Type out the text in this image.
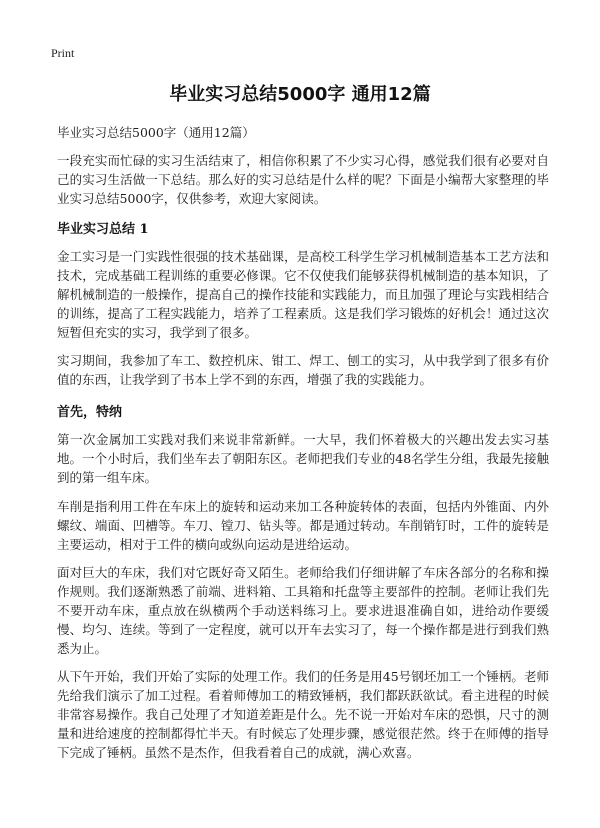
Print
毕业实习总结5000字 通用12篇
毕业实习总结5000字（通用12篇）
一段充实而忙碌的实习生活结束了，相信你积累了不少实习心得，感觉我们很有必要对自己的实习生活做一下总结。那么好的实习总结是什么样的呢？下面是小编帮大家整理的毕业实习总结5000字，仅供参考，欢迎大家阅读。
毕业实习总结 1
金工实习是一门实践性很强的技术基础课，是高校工科学生学习机械制造基本工艺方法和技术，完成基础工程训练的重要必修课。它不仅使我们能够获得机械制造的基本知识，了解机械制造的一般操作，提高自己的操作技能和实践能力，而且加强了理论与实践相结合的训练，提高了工程实践能力，培养了工程素质。这是我们学习锻炼的好机会！通过这次短暂但充实的实习，我学到了很多。
实习期间，我参加了车工、数控机床、钳工、焊工、刨工的实习，从中我学到了很多有价值的东西，让我学到了书本上学不到的东西，增强了我的实践能力。
首先，特纳
第一次金属加工实践对我们来说非常新鲜。一大早，我们怀着极大的兴趣出发去实习基地。一个小时后，我们坐车去了朝阳东区。老师把我们专业的48名学生分组，我最先接触到的第一组车床。
车削是指利用工件在车床上的旋转和运动来加工各种旋转体的表面，包括内外锥面、内外螺纹、端面、凹槽等。车刀、镗刀、钻头等。都是通过转动。车削销钉时，工件的旋转是主要运动，相对于工件的横向或纵向运动是进给运动。
面对巨大的车床，我们对它既好奇又陌生。老师给我们仔细讲解了车床各部分的名称和操作规则。我们逐渐熟悉了前端、进料箱、工具箱和托盘等主要部件的控制。老师让我们先不要开动车床，重点放在纵横两个手动送料练习上。要求进退准确自如，进给动作要缓慢、均匀、连续。等到了一定程度，就可以开车去实习了，每一个操作都是进行到我们熟悉为止。
从下午开始，我们开始了实际的处理工作。我们的任务是用45号钢坯加工一个锤柄。老师先给我们演示了加工过程。看着师傅加工的精致锤柄，我们都跃跃欲试。看主进程的时候非常容易操作。我自己处理了才知道差距是什么。先不说一开始对车床的恐惧，尺寸的测量和进给速度的控制都得忙半天。有时候忘了处理步骤，感觉很茫然。终于在师傅的指导下完成了锤柄。虽然不是杰作，但我看着自己的成就，满心欢喜。
